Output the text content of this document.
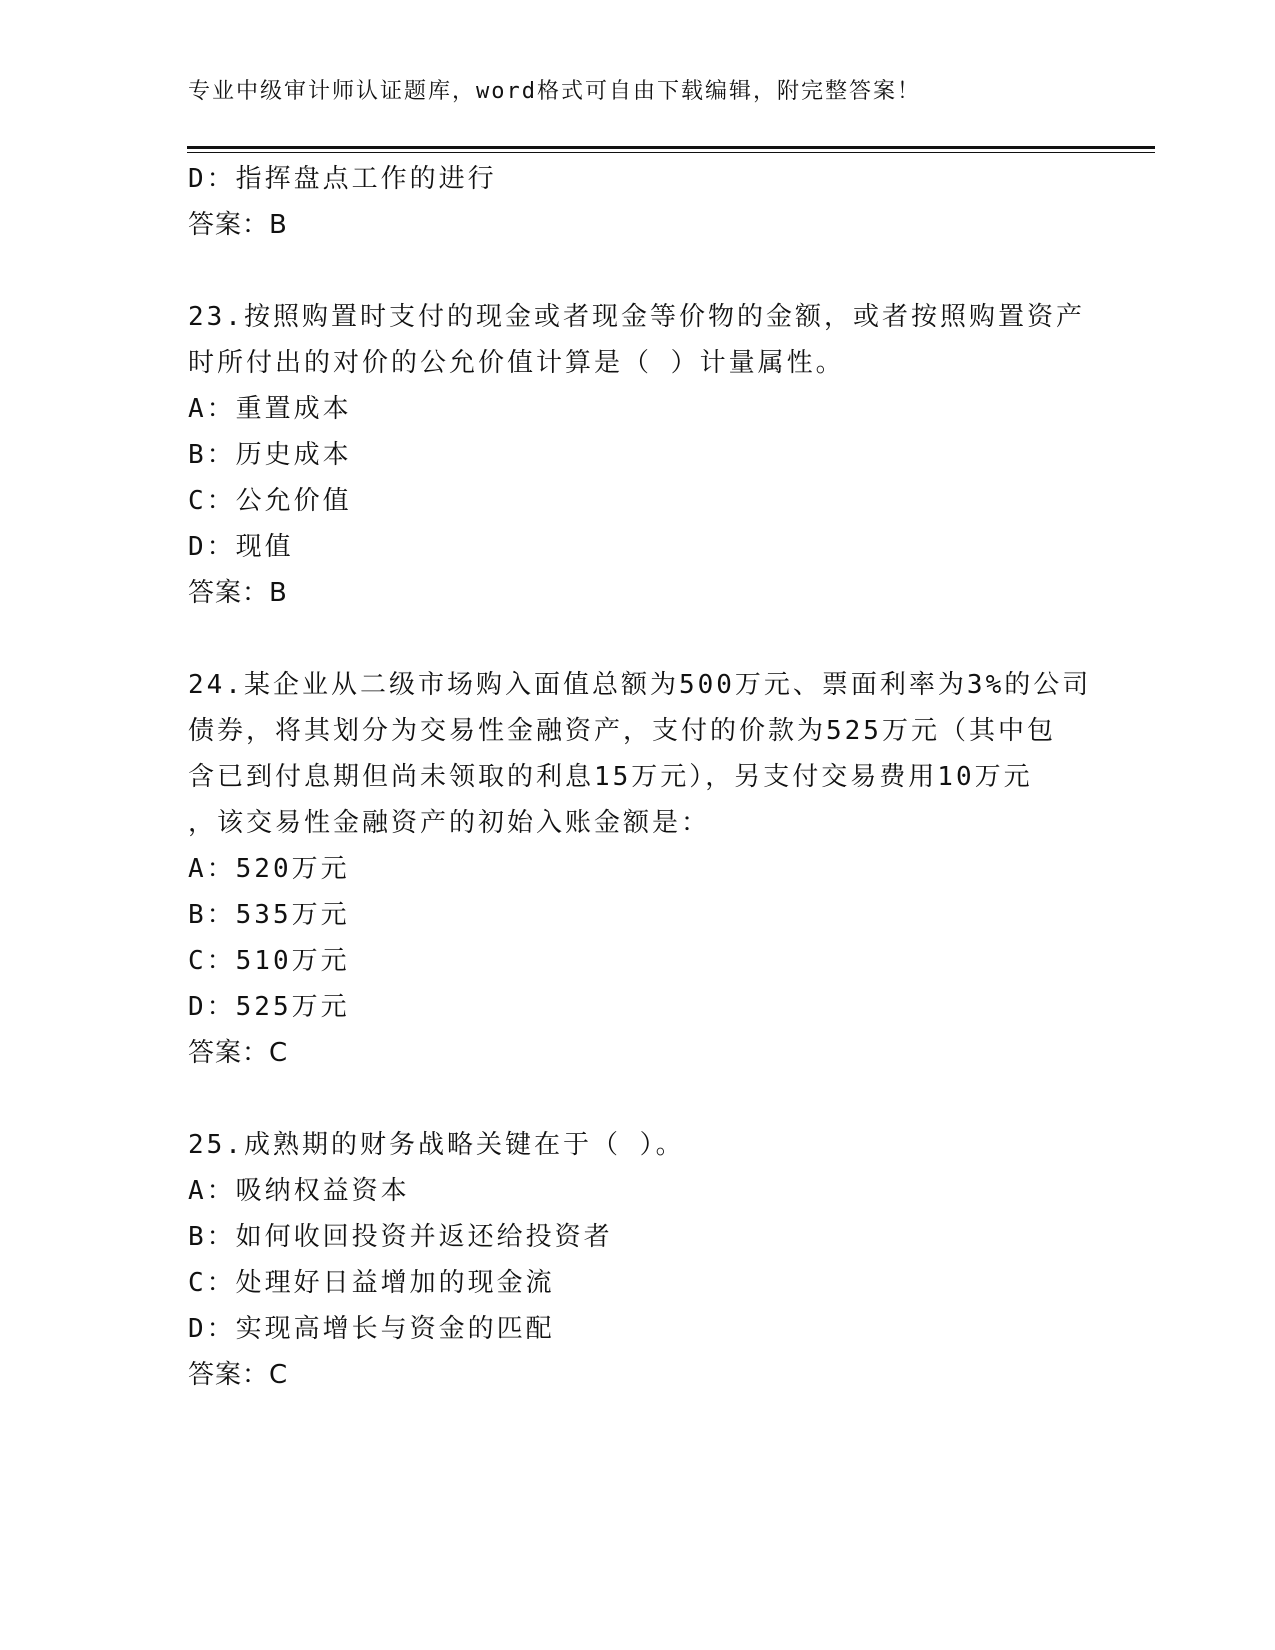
专业中级审计师认证题库，word格式可自由下载编辑，附完整答案！
D：指挥盘点工作的进行
答案：B
23.按照购置时支付的现金或者现金等价物的金额，或者按照购置资产
时所付出的对价的公允价值计算是（ ）计量属性。
A：重置成本
B：历史成本
C：公允价值
D：现值
答案：B
24.某企业从二级市场购入面值总额为500万元、票面利率为3%的公司
债券，将其划分为交易性金融资产，支付的价款为525万元（其中包
含已到付息期但尚未领取的利息15万元），另支付交易费用10万元
，该交易性金融资产的初始入账金额是：
A：520万元
B：535万元
C：510万元
D：525万元
答案：C
25.成熟期的财务战略关键在于（ ）。
A：吸纳权益资本
B：如何收回投资并返还给投资者
C：处理好日益增加的现金流
D：实现高增长与资金的匹配
答案：C
